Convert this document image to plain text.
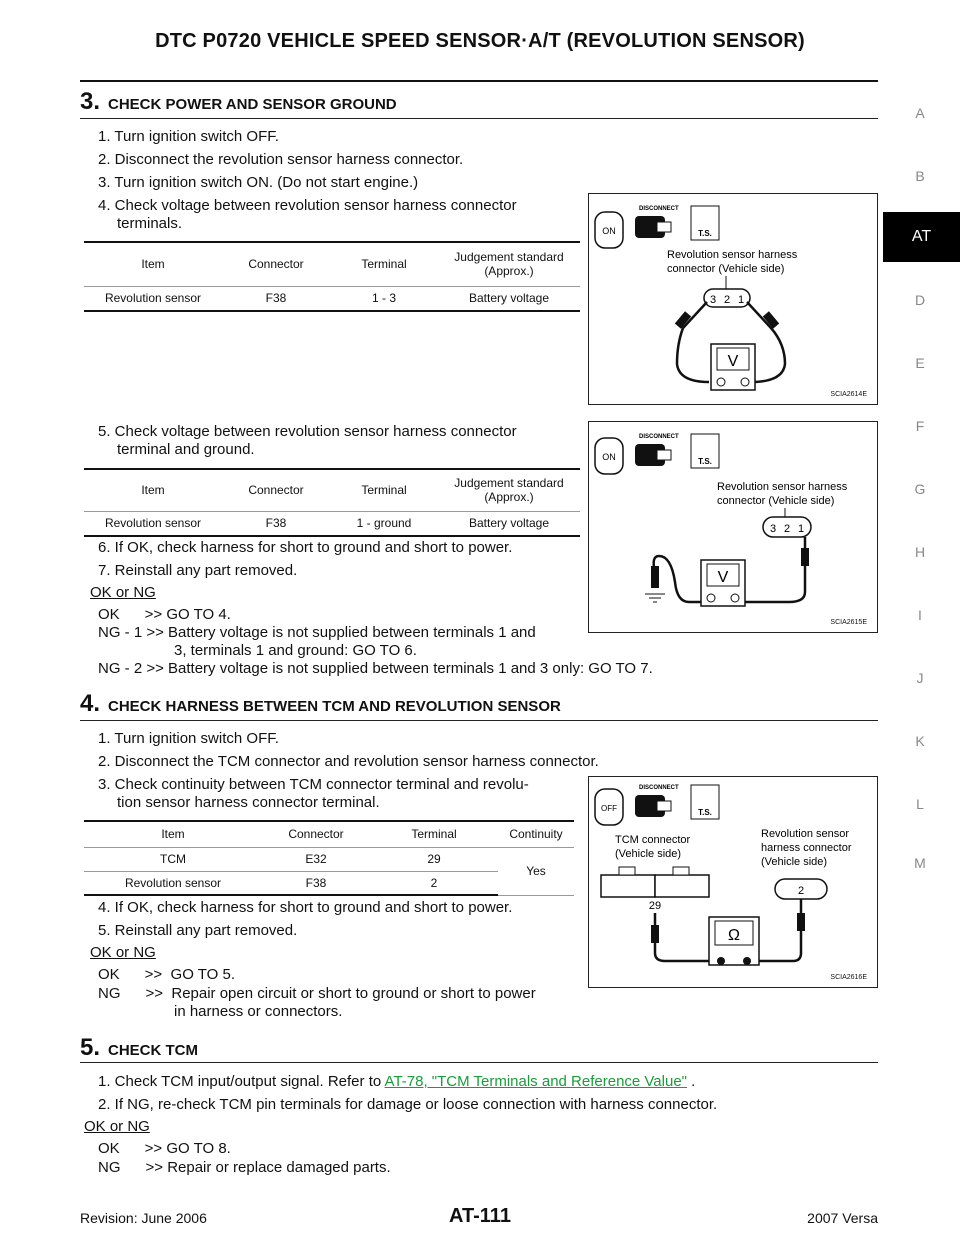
DTC P0720 VEHICLE SPEED SENSOR·A/T (REVOLUTION SENSOR)
A
B
AT
D
E
F
G
H
I
J
K
L
M
3. CHECK POWER AND SENSOR GROUND
1. Turn ignition switch OFF.
2. Disconnect the revolution sensor harness connector.
3. Turn ignition switch ON. (Do not start engine.)
4. Check voltage between revolution sensor harness connector
terminals.
Item	Connector	Terminal	Judgement standard
(Approx.)
Revolution sensor	F38	1 - 3	Battery voltage
5. Check voltage between revolution sensor harness connector
terminal and ground.
Item	Connector	Terminal	Judgement standard
(Approx.)
Revolution sensor	F38	1 - ground	Battery voltage
6. If OK, check harness for short to ground and short to power.
7. Reinstall any part removed.
OK or NG
OK      >> GO TO 4.
NG - 1 >> Battery voltage is not supplied between terminals 1 and
3, terminals 1 and ground: GO TO 6.
NG - 2 >> Battery voltage is not supplied between terminals 1 and 3 only: GO TO 7.
ON
DISCONNECT
T.S.
Revolution sensor harness
connector (Vehicle side)
3 2 1
V
SCIA2614E
ON
DISCONNECT
T.S.
Revolution sensor harness
connector (Vehicle side)
3 2 1
V
SCIA2615E
4. CHECK HARNESS BETWEEN TCM AND REVOLUTION SENSOR
1. Turn ignition switch OFF.
2. Disconnect the TCM connector and revolution sensor harness connector.
3. Check continuity between TCM connector terminal and revolu-
tion sensor harness connector terminal.
Item	Connector	Terminal	Continuity
TCM	E32	29	Yes
Revolution sensor	F38	2	
4. If OK, check harness for short to ground and short to power.
5. Reinstall any part removed.
OK or NG
OK      >>  GO TO 5.
NG      >>  Repair open circuit or short to ground or short to power
in harness or connectors.
OFF
DISCONNECT
T.S.
TCM connector
(Vehicle side)
Revolution sensor
harness connector
(Vehicle side)
29
2
Ω
SCIA2616E
5. CHECK TCM
1. Check TCM input/output signal. Refer to AT-78, "TCM Terminals and Reference Value" .
2. If NG, re-check TCM pin terminals for damage or loose connection with harness connector.
OK or NG
OK      >> GO TO 8.
NG      >> Repair or replace damaged parts.
Revision: June 2006	AT-111	2007 Versa
